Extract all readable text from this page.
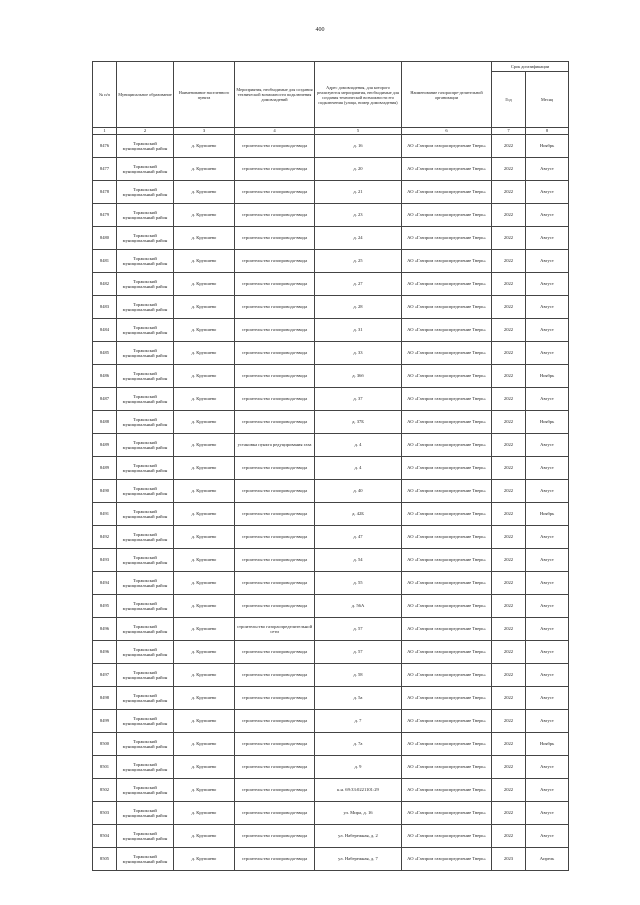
400
№ п/п	Муниципальное образование	Наименование населенного пункта	Мероприятия, необходимые для создания технической возможности подключения домовладений	Адрес домовладения, для которого реализуются мероприятия, необходимые для создания технической возможности его подключения (улица, номер домовладения)	Наименование газораспре-делительной организации	Срок догазификации	
						Год	Месяц
1	2	3	4	5	6	7	8
8476	Торжокский муниципальный район	д. Крупшево	строительство газопровода-ввода	д. 16	АО «Газпром газораспределение Тверь»	2022	Ноябрь
8477	Торжокский муниципальный район	д. Крупшево	строительство газопровода-ввода	д. 20	АО «Газпром газораспределение Тверь»	2022	Август
8478	Торжокский муниципальный район	д. Крупшево	строительство газопровода-ввода	д. 21	АО «Газпром газораспределение Тверь»	2022	Август
8479	Торжокский муниципальный район	д. Крупшево	строительство газопровода-ввода	д. 23	АО «Газпром газораспределение Тверь»	2022	Август
8480	Торжокский муниципальный район	д. Крупшево	строительство газопровода-ввода	д. 24	АО «Газпром газораспределение Тверь»	2022	Август
8481	Торжокский муниципальный район	д. Крупшево	строительство газопровода-ввода	д. 25	АО «Газпром газораспределение Тверь»	2022	Август
8482	Торжокский муниципальный район	д. Крупшево	строительство газопровода-ввода	д. 27	АО «Газпром газораспределение Тверь»	2022	Август
8483	Торжокский муниципальный район	д. Крупшево	строительство газопровода-ввода	д. 28	АО «Газпром газораспределение Тверь»	2022	Август
8484	Торжокский муниципальный район	д. Крупшево	строительство газопровода-ввода	д. 31	АО «Газпром газораспределение Тверь»	2022	Август
8485	Торжокский муниципальный район	д. Крупшево	строительство газопровода-ввода	д. 33	АО «Газпром газораспределение Тверь»	2022	Август
8486	Торжокский муниципальный район	д. Крупшево	строительство газопровода-ввода	д. 36б	АО «Газпром газораспределение Тверь»	2022	Ноябрь
8487	Торжокский муниципальный район	д. Крупшево	строительство газопровода-ввода	д. 37	АО «Газпром газораспределение Тверь»	2022	Август
8488	Торжокский муниципальный район	д. Крупшево	строительство газопровода-ввода	д. 37Б	АО «Газпром газораспределение Тверь»	2022	Ноябрь
8489	Торжокский муниципальный район	д. Крупшево	установка пункта редуцирования газа	д. 4	АО «Газпром газораспределение Тверь»	2022	Август
8489	Торжокский муниципальный район	д. Крупшево	строительство газопровода-ввода	д. 4	АО «Газпром газораспределение Тверь»	2022	Август
8490	Торжокский муниципальный район	д. Крупшево	строительство газопровода-ввода	д. 40	АО «Газпром газораспределение Тверь»	2022	Август
8491	Торжокский муниципальный район	д. Крупшево	строительство газопровода-ввода	д. 42Б	АО «Газпром газораспределение Тверь»	2022	Ноябрь
8492	Торжокский муниципальный район	д. Крупшево	строительство газопровода-ввода	д. 47	АО «Газпром газораспределение Тверь»	2022	Август
8493	Торжокский муниципальный район	д. Крупшево	строительство газопровода-ввода	д. 54	АО «Газпром газораспределение Тверь»	2022	Август
8494	Торжокский муниципальный район	д. Крупшево	строительство газопровода-ввода	д. 55	АО «Газпром газораспределение Тверь»	2022	Август
8495	Торжокский муниципальный район	д. Крупшево	строительство газопровода-ввода	д. 56А	АО «Газпром газораспределение Тверь»	2022	Август
8496	Торжокский муниципальный район	д. Крупшево	строительство газораспределительной сети	д. 57	АО «Газпром газораспределение Тверь»	2022	Август
8496	Торжокский муниципальный район	д. Крупшево	строительство газопровода-ввода	д. 57	АО «Газпром газораспределение Тверь»	2022	Август
8497	Торжокский муниципальный район	д. Крупшево	строительство газопровода-ввода	д. 58	АО «Газпром газораспределение Тверь»	2022	Август
8498	Торжокский муниципальный район	д. Крупшево	строительство газопровода-ввода	д. 5а	АО «Газпром газораспределение Тверь»	2022	Август
8499	Торжокский муниципальный район	д. Крупшево	строительство газопровода-ввода	д. 7	АО «Газпром газораспределение Тверь»	2022	Август
8500	Торжокский муниципальный район	д. Крупшево	строительство газопровода-ввода	д. 7а	АО «Газпром газораспределение Тверь»	2022	Ноябрь
8501	Торжокский муниципальный район	д. Крупшево	строительство газопровода-ввода	д. 9	АО «Газпром газораспределение Тверь»	2022	Август
8502	Торжокский муниципальный район	д. Крупшево	строительство газопровода-ввода	к.н. 69:33:0221101:29	АО «Газпром газораспределение Тверь»	2022	Август
8503	Торжокский муниципальный район	д. Крупшево	строительство газопровода-ввода	ул. Мира, д. 16	АО «Газпром газораспределение Тверь»	2022	Август
8504	Торжокский муниципальный район	д. Крупшево	строительство газопровода-ввода	ул. Набережная, д. 2	АО «Газпром газораспределение Тверь»	2022	Август
8505	Торжокский муниципальный район	д. Крупшево	строительство газопровода-ввода	ул. Набережная, д. 7	АО «Газпром газораспределение Тверь»	2023	Апрель
